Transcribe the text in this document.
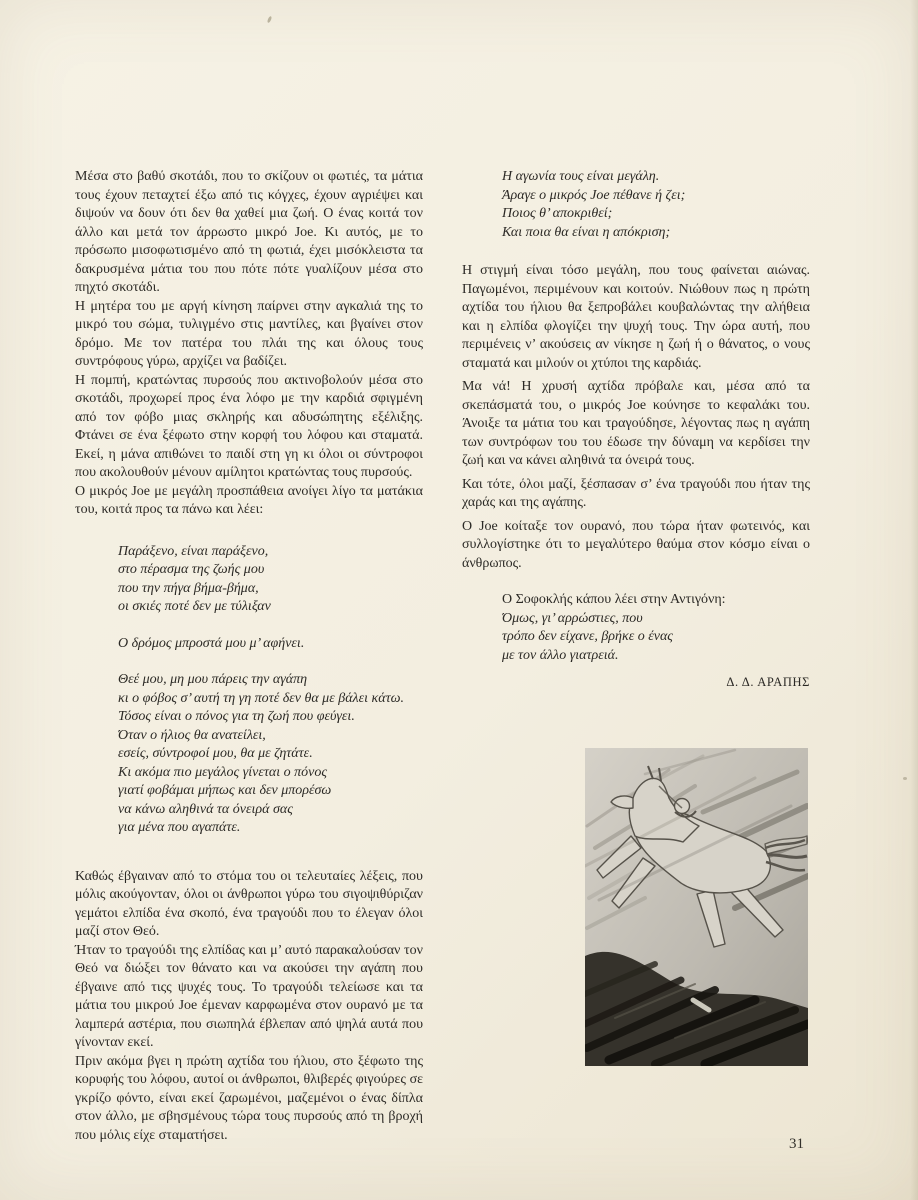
Μέσα στο βαθύ σκοτάδι, που το σκίζουν οι φωτιές, τα μάτια τους έχουν πεταχτεί έξω από τις κόγχες, έχουν αγριέψει και διψούν να δουν ότι δεν θα χαθεί μια ζωή. Ο ένας κοιτά τον άλλο και μετά τον άρρωστο μικρό Joe. Κι αυτός, με το πρόσωπο μισοφωτισμένο από τη φωτιά, έχει μισόκλειστα τα δακρυσμένα μάτια του που πότε πότε γυαλίζουν μέσα στο πηχτό σκοτάδι.

Η μητέρα του με αργή κίνηση παίρνει στην αγκαλιά της το μικρό του σώμα, τυλιγμένο στις μαντίλες, και βγαίνει στον δρόμο. Με τον πατέρα του πλάι της και όλους τους συντρόφους γύρω, αρχίζει να βαδίζει.

Η πομπή, κρατώντας πυρσούς που ακτινοβολούν μέσα στο σκοτάδι, προχωρεί προς ένα λόφο με την καρδιά σφιγμένη από τον φόβο μιας σκληρής και αδυσώπητης εξέλιξης. Φτάνει σε ένα ξέφωτο στην κορφή του λόφου και σταματά. Εκεί, η μάνα απιθώνει το παιδί στη γη κι όλοι οι σύντροφοι που ακολουθούν μένουν αμίλητοι κρατώντας τους πυρσούς.

Ο μικρός Joe με μεγάλη προσπάθεια ανοίγει λίγο τα ματάκια του, κοιτά προς τα πάνω και λέει:

Παράξενο, είναι παράξενο,
στο πέρασμα της ζωής μου
που την πήγα βήμα-βήμα,
οι σκιές ποτέ δεν με τύλιξαν
Ο δρόμος μπροστά μου μ’ αφήνει.
Θεέ μου, μη μου πάρεις την αγάπη
κι ο φόβος σ’ αυτή τη γη ποτέ δεν θα με βάλει κάτω.
Τόσος είναι ο πόνος για τη ζωή που φεύγει.
Όταν ο ήλιος θα ανατείλει,
εσείς, σύντροφοί μου, θα με ζητάτε.
Κι ακόμα πιο μεγάλος γίνεται ο πόνος
γιατί φοβάμαι μήπως και δεν μπορέσω
να κάνω αληθινά τα όνειρά σας
για μένα που αγαπάτε.

Καθώς έβγαιναν από το στόμα του οι τελευταίες λέξεις, που μόλις ακούγονταν, όλοι οι άνθρωποι γύρω του σιγοψιθύριζαν γεμάτοι ελπίδα ένα σκοπό, ένα τραγούδι που το έλεγαν όλοι μαζί στον Θεό.

Ήταν το τραγούδι της ελπίδας και μ’ αυτό παρακαλούσαν τον Θεό να διώξει τον θάνατο και να ακούσει την αγάπη που έβγαινε από τιςς ψυχές τους. Το τραγούδι τελείωσε και τα μάτια του μικρού Joe έμεναν καρφωμένα στον ουρανό με τα λαμπερά αστέρια, που σιωπηλά έβλεπαν από ψηλά αυτά που γίνονταν εκεί.

Πριν ακόμα βγει η πρώτη αχτίδα του ήλιου, στο ξέφωτο της κορυφής του λόφου, αυτοί οι άνθρωποι, θλιβερές φιγούρες σε γκρίζο φόντο, είναι εκεί ζαρωμένοι, μαζεμένοι ο ένας δίπλα στον άλλο, με σβησμένους τώρα τους πυρσούς από τη βροχή που μόλις είχε σταματήσει.

Η αγωνία τους είναι μεγάλη.
Άραγε ο μικρός Joe πέθανε ή ζει;
Ποιος θ’ αποκριθεί;
Και ποια θα είναι η απόκριση;

Η στιγμή είναι τόσο μεγάλη, που τους φαίνεται αιώνας. Παγωμένοι, περιμένουν και κοιτούν. Νιώθουν πως η πρώτη αχτίδα του ήλιου θα ξεπροβάλει κουβαλώντας την αλήθεια και η ελπίδα φλογίζει την ψυχή τους. Την ώρα αυτή, που περιμένεις ν’ ακούσεις αν νίκησε η ζωή ή ο θάνατος, ο νους σταματά και μιλούν οι χτύποι της καρδιάς.

Μα νά! Η χρυσή αχτίδα πρόβαλε και, μέσα από τα σκεπάσματά του, ο μικρός Joe κούνησε το κεφαλάκι του. Άνοιξε τα μάτια του και τραγούδησε, λέγοντας πως η αγάπη των συντρόφων του του έδωσε την δύναμη να κερδίσει την ζωή και να κάνει αληθινά τα όνειρά τους.

Και τότε, όλοι μαζί, ξέσπασαν σ’ ένα τραγούδι που ήταν της χαράς και της αγάπης.

Ο Joe κοίταξε τον ουρανό, που τώρα ήταν φωτεινός, και συλλογίστηκε ότι το μεγαλύτερο θαύμα στον κόσμο είναι ο άνθρωπος.

Ο Σοφοκλής κάπου λέει στην Αντιγόνη:

Όμως, γι’ αρρώστιες, που
τρόπο δεν είχανε, βρήκε ο ένας
με τον άλλο γιατρειά.

Δ. Δ. ΑΡΑΠΗΣ

31
